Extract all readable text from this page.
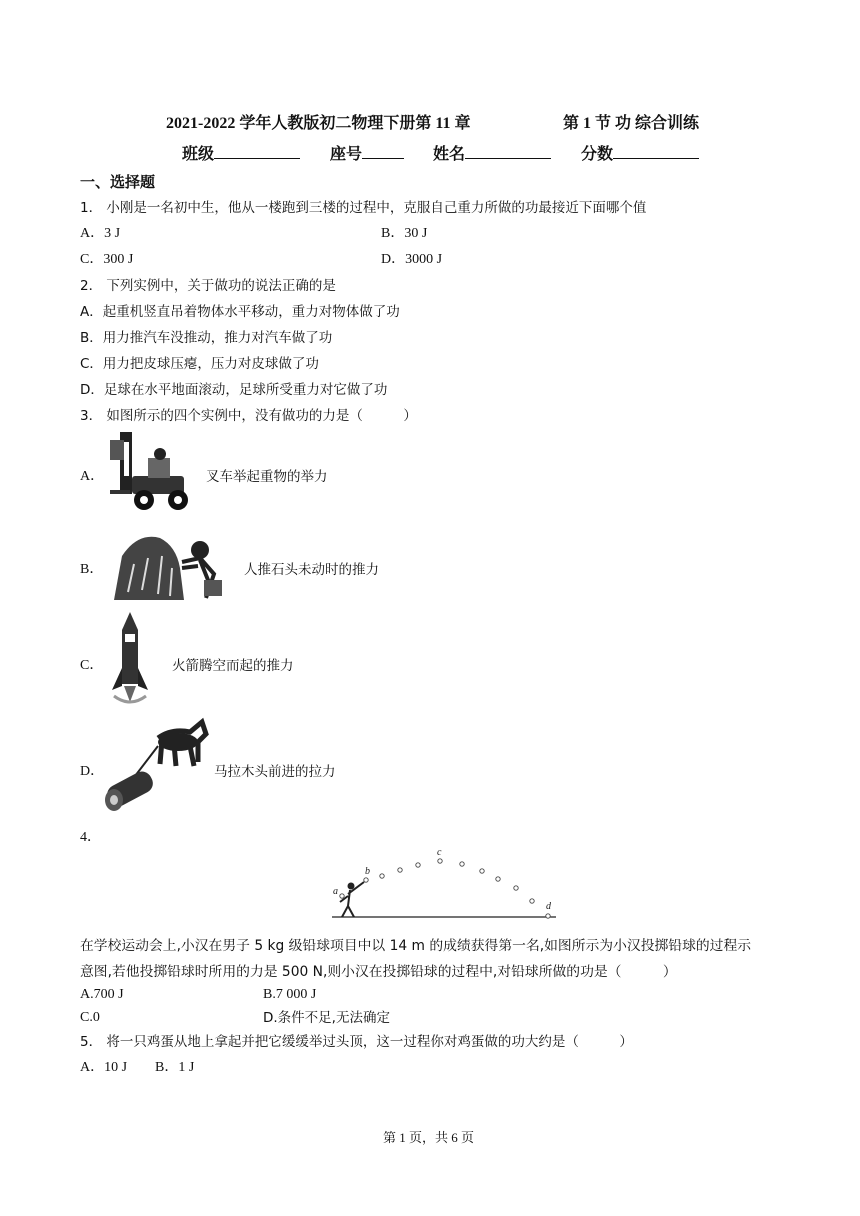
2021-2022 学年人教版初二物理下册第 11 章	第 1 节 功 综合训练
班级	座号	姓名	分数
一、选择题
1． 小刚是一名初中生，他从一楼跑到三楼的过程中，克服自己重力所做的功最接近下面哪个值
A．3 J	B．30 J
C．300 J	D．3000 J
2． 下列实例中，关于做功的说法正确的是
A．起重机竖直吊着物体水平移动，重力对物体做了功
B．用力推汽车没推动，推力对汽车做了功
C．用力把皮球压瘪，压力对皮球做了功
D．足球在水平地面滚动，足球所受重力对它做了功
3． 如图所示的四个实例中，没有做功的力是（　　　）
A．	叉车举起重物的举力
B．	人推石头未动时的推力
C．	火箭腾空而起的推力
D．	马拉木头前进的拉力
4．
a
b
c
d
在学校运动会上,小汉在男子 5 kg 级铅球项目中以 14 m 的成绩获得第一名,如图所示为小汉投掷铅球的过程示
意图,若他投掷铅球时所用的力是 500 N,则小汉在投掷铅球的过程中,对铅球所做的功是（　　　）
A.700 J	B.7 000 J
C.0	D.条件不足,无法确定
5． 将一只鸡蛋从地上拿起并把它缓缓举过头顶，这一过程你对鸡蛋做的功大约是（　　　）
A．10 J　　B．1 J
第 1 页，共 6 页
